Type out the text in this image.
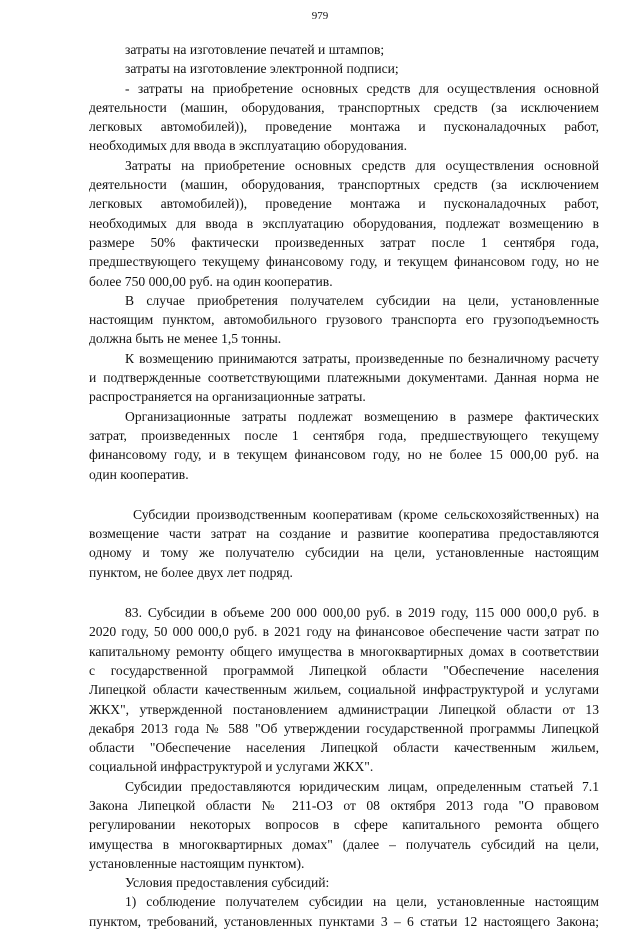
979
затраты на изготовление печатей и штампов;
затраты на изготовление электронной подписи;
- затраты на приобретение основных средств для осуществления основной
деятельности (машин, оборудования, транспортных средств (за исключением
легковых автомобилей)), проведение монтажа и пусконаладочных работ,
необходимых для ввода в эксплуатацию оборудования.
Затраты на приобретение основных средств для осуществления основной
деятельности (машин, оборудования, транспортных средств (за исключением
легковых автомобилей)), проведение монтажа и пусконаладочных работ,
необходимых для ввода в эксплуатацию оборудования, подлежат возмещению в
размере 50% фактически произведенных затрат после 1 сентября года,
предшествующего текущему финансовому году, и текущем финансовом году, но не
более 750 000,00 руб. на один кооператив.
В случае приобретения получателем субсидии на цели, установленные
настоящим пунктом, автомобильного грузового транспорта его грузоподъемность
должна быть не менее 1,5 тонны.
К возмещению принимаются затраты, произведенные по безналичному расчету
и подтвержденные соответствующими платежными документами. Данная норма не
распространяется на организационные затраты.
Организационные затраты подлежат возмещению в размере фактических
затрат, произведенных после 1 сентября года, предшествующего текущему
финансовому году, и в текущем финансовом году, но не более 15 000,00 руб. на
один кооператив.
Субсидии производственным кооперативам (кроме сельскохозяйственных) на
возмещение части затрат на создание и развитие кооператива предоставляются
одному и тому же получателю субсидии на цели, установленные настоящим
пунктом, не более двух лет подряд.
83. Субсидии в объеме 200 000 000,00 руб. в 2019 году, 115 000 000,0 руб. в
2020 году, 50 000 000,0 руб. в 2021 году на финансовое обеспечение части затрат по
капитальному ремонту общего имущества в многоквартирных домах в соответствии
с государственной программой Липецкой области "Обеспечение населения
Липецкой области качественным жильем, социальной инфраструктурой и услугами
ЖКХ", утвержденной постановлением администрации Липецкой области от 13
декабря 2013 года № 588 "Об утверждении государственной программы Липецкой
области "Обеспечение населения Липецкой области качественным жильем,
социальной инфраструктурой и услугами ЖКХ".
Субсидии предоставляются юридическим лицам, определенным статьей 7.1
Закона Липецкой области № 211-ОЗ от 08 октября 2013 года "О правовом
регулировании некоторых вопросов в сфере капитального ремонта общего
имущества в многоквартирных домах" (далее – получатель субсидий на цели,
установленные настоящим пунктом).
Условия предоставления субсидий:
1) соблюдение получателем субсидии на цели, установленные настоящим
пунктом, требований, установленных пунктами 3 – 6 статьи 12 настоящего Закона;
